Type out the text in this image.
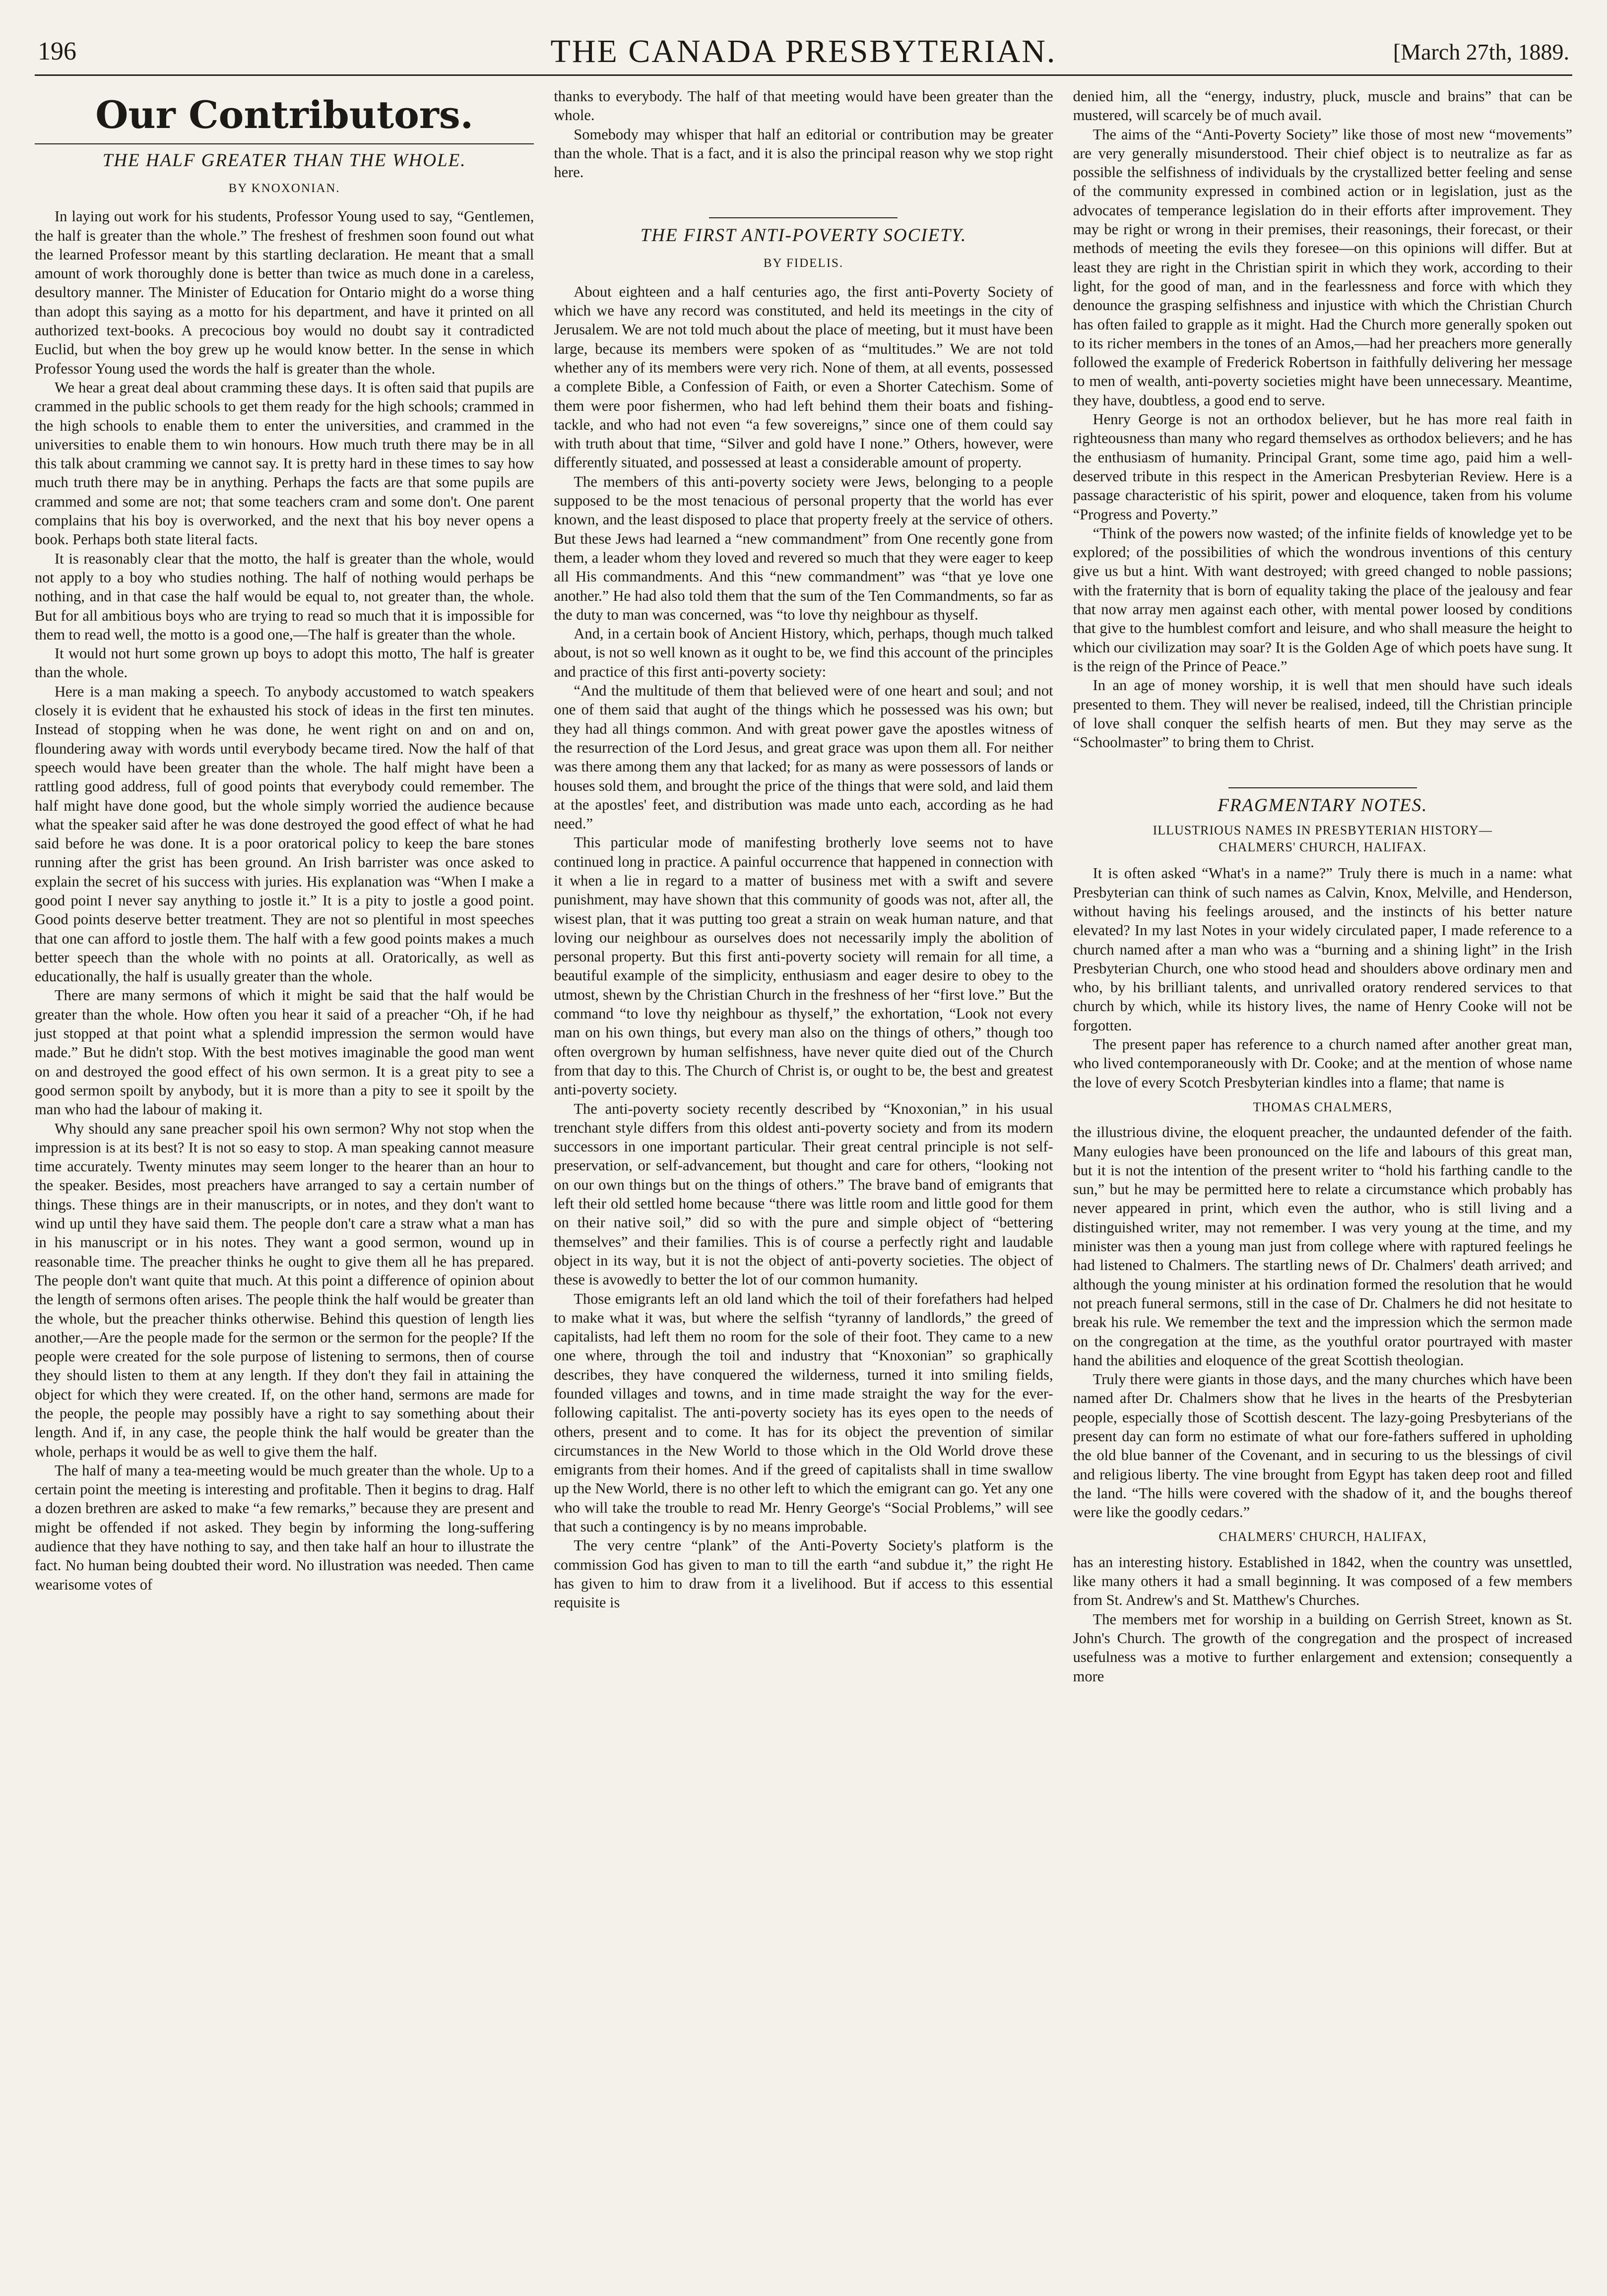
196	THE CANADA PRESBYTERIAN.	[March 27th, 1889.
Our Contributors.
THE HALF GREATER THAN THE WHOLE.
BY KNOXONIAN.

In laying out work for his students, Professor Young used to say, “Gentlemen, the half is greater than the whole.” The freshest of freshmen soon found out what the learned Professor meant by this startling declaration. He meant that a small amount of work thoroughly done is better than twice as much done in a careless, desultory manner. The Minister of Education for Ontario might do a worse thing than adopt this saying as a motto for his department, and have it printed on all authorized text-books. A precocious boy would no doubt say it contradicted Euclid, but when the boy grew up he would know better. In the sense in which Professor Young used the words the half is greater than the whole.

We hear a great deal about cramming these days. It is often said that pupils are crammed in the public schools to get them ready for the high schools; crammed in the high schools to enable them to enter the universities, and crammed in the universities to enable them to win honours. How much truth there may be in all this talk about cramming we cannot say. It is pretty hard in these times to say how much truth there may be in anything. Perhaps the facts are that some pupils are crammed and some are not; that some teachers cram and some don't. One parent complains that his boy is overworked, and the next that his boy never opens a book. Perhaps both state literal facts.

It is reasonably clear that the motto, the half is greater than the whole, would not apply to a boy who studies nothing. The half of nothing would perhaps be nothing, and in that case the half would be equal to, not greater than, the whole. But for all ambitious boys who are trying to read so much that it is impossible for them to read well, the motto is a good one,—The half is greater than the whole.

It would not hurt some grown up boys to adopt this motto, The half is greater than the whole.

Here is a man making a speech. To anybody accustomed to watch speakers closely it is evident that he exhausted his stock of ideas in the first ten minutes. Instead of stopping when he was done, he went right on and on and on, floundering away with words until everybody became tired. Now the half of that speech would have been greater than the whole. The half might have been a rattling good address, full of good points that everybody could remember. The half might have done good, but the whole simply worried the audience because what the speaker said after he was done destroyed the good effect of what he had said before he was done. It is a poor oratorical policy to keep the bare stones running after the grist has been ground. An Irish barrister was once asked to explain the secret of his success with juries. His explanation was “When I make a good point I never say anything to jostle it.” It is a pity to jostle a good point. Good points deserve better treatment. They are not so plentiful in most speeches that one can afford to jostle them. The half with a few good points makes a much better speech than the whole with no points at all. Oratorically, as well as educationally, the half is usually greater than the whole.

There are many sermons of which it might be said that the half would be greater than the whole. How often you hear it said of a preacher “Oh, if he had just stopped at that point what a splendid impression the sermon would have made.” But he didn't stop. With the best motives imaginable the good man went on and destroyed the good effect of his own sermon. It is a great pity to see a good sermon spoilt by anybody, but it is more than a pity to see it spoilt by the man who had the labour of making it.

Why should any sane preacher spoil his own sermon? Why not stop when the impression is at its best? It is not so easy to stop. A man speaking cannot measure time accurately. Twenty minutes may seem longer to the hearer than an hour to the speaker. Besides, most preachers have arranged to say a certain number of things. These things are in their manuscripts, or in notes, and they don't want to wind up until they have said them. The people don't care a straw what a man has in his manuscript or in his notes. They want a good sermon, wound up in reasonable time. The preacher thinks he ought to give them all he has prepared. The people don't want quite that much. At this point a difference of opinion about the length of sermons often arises. The people think the half would be greater than the whole, but the preacher thinks otherwise. Behind this question of length lies another,—Are the people made for the sermon or the sermon for the people? If the people were created for the sole purpose of listening to sermons, then of course they should listen to them at any length. If they don't they fail in attaining the object for which they were created. If, on the other hand, sermons are made for the people, the people may possibly have a right to say something about their length. And if, in any case, the people think the half would be greater than the whole, perhaps it would be as well to give them the half.

The half of many a tea-meeting would be much greater than the whole. Up to a certain point the meeting is interesting and profitable. Then it begins to drag. Half a dozen brethren are asked to make “a few remarks,” because they are present and might be offended if not asked. They begin by informing the long-suffering audience that they have nothing to say, and then take half an hour to illustrate the fact. No human being doubted their word. No illustration was needed. Then came wearisome votes of

thanks to everybody. The half of that meeting would have been greater than the whole.

Somebody may whisper that half an editorial or contribution may be greater than the whole. That is a fact, and it is also the principal reason why we stop right here.

THE FIRST ANTI-POVERTY SOCIETY.
BY FIDELIS.

About eighteen and a half centuries ago, the first anti-Poverty Society of which we have any record was constituted, and held its meetings in the city of Jerusalem. We are not told much about the place of meeting, but it must have been large, because its members were spoken of as “multitudes.” We are not told whether any of its members were very rich. None of them, at all events, possessed a complete Bible, a Confession of Faith, or even a Shorter Catechism. Some of them were poor fishermen, who had left behind them their boats and fishing-tackle, and who had not even “a few sovereigns,” since one of them could say with truth about that time, “Silver and gold have I none.” Others, however, were differently situated, and possessed at least a considerable amount of property.

The members of this anti-poverty society were Jews, belonging to a people supposed to be the most tenacious of personal property that the world has ever known, and the least disposed to place that property freely at the service of others. But these Jews had learned a “new commandment” from One recently gone from them, a leader whom they loved and revered so much that they were eager to keep all His commandments. And this “new commandment” was “that ye love one another.” He had also told them that the sum of the Ten Commandments, so far as the duty to man was concerned, was “to love thy neighbour as thyself.

And, in a certain book of Ancient History, which, perhaps, though much talked about, is not so well known as it ought to be, we find this account of the principles and practice of this first anti-poverty society:

“And the multitude of them that believed were of one heart and soul; and not one of them said that aught of the things which he possessed was his own; but they had all things common. And with great power gave the apostles witness of the resurrection of the Lord Jesus, and great grace was upon them all. For neither was there among them any that lacked; for as many as were possessors of lands or houses sold them, and brought the price of the things that were sold, and laid them at the apostles' feet, and distribution was made unto each, according as he had need.”

This particular mode of manifesting brotherly love seems not to have continued long in practice. A painful occurrence that happened in connection with it when a lie in regard to a matter of business met with a swift and severe punishment, may have shown that this community of goods was not, after all, the wisest plan, that it was putting too great a strain on weak human nature, and that loving our neighbour as ourselves does not necessarily imply the abolition of personal property. But this first anti-poverty society will remain for all time, a beautiful example of the simplicity, enthusiasm and eager desire to obey to the utmost, shewn by the Christian Church in the freshness of her “first love.” But the command “to love thy neighbour as thyself,” the exhortation, “Look not every man on his own things, but every man also on the things of others,” though too often overgrown by human selfishness, have never quite died out of the Church from that day to this. The Church of Christ is, or ought to be, the best and greatest anti-poverty society.

The anti-poverty society recently described by “Knoxonian,” in his usual trenchant style differs from this oldest anti-poverty society and from its modern successors in one important particular. Their great central principle is not self-preservation, or self-advancement, but thought and care for others, “looking not on our own things but on the things of others.” The brave band of emigrants that left their old settled home because “there was little room and little good for them on their native soil,” did so with the pure and simple object of “bettering themselves” and their families. This is of course a perfectly right and laudable object in its way, but it is not the object of anti-poverty societies. The object of these is avowedly to better the lot of our common humanity.

Those emigrants left an old land which the toil of their forefathers had helped to make what it was, but where the selfish “tyranny of landlords,” the greed of capitalists, had left them no room for the sole of their foot. They came to a new one where, through the toil and industry that “Knoxonian” so graphically describes, they have conquered the wilderness, turned it into smiling fields, founded villages and towns, and in time made straight the way for the ever-following capitalist. The anti-poverty society has its eyes open to the needs of others, present and to come. It has for its object the prevention of similar circumstances in the New World to those which in the Old World drove these emigrants from their homes. And if the greed of capitalists shall in time swallow up the New World, there is no other left to which the emigrant can go. Yet any one who will take the trouble to read Mr. Henry George's “Social Problems,” will see that such a contingency is by no means improbable.

The very centre “plank” of the Anti-Poverty Society's platform is the commission God has given to man to till the earth “and subdue it,” the right He has given to him to draw from it a livelihood. But if access to this essential requisite is

denied him, all the “energy, industry, pluck, muscle and brains” that can be mustered, will scarcely be of much avail.

The aims of the “Anti-Poverty Society” like those of most new “movements” are very generally misunderstood. Their chief object is to neutralize as far as possible the selfishness of individuals by the crystallized better feeling and sense of the community expressed in combined action or in legislation, just as the advocates of temperance legislation do in their efforts after improvement. They may be right or wrong in their premises, their reasonings, their forecast, or their methods of meeting the evils they foresee—on this opinions will differ. But at least they are right in the Christian spirit in which they work, according to their light, for the good of man, and in the fearlessness and force with which they denounce the grasping selfishness and injustice with which the Christian Church has often failed to grapple as it might. Had the Church more generally spoken out to its richer members in the tones of an Amos,—had her preachers more generally followed the example of Frederick Robertson in faithfully delivering her message to men of wealth, anti-poverty societies might have been unnecessary. Meantime, they have, doubtless, a good end to serve.

Henry George is not an orthodox believer, but he has more real faith in righteousness than many who regard themselves as orthodox believers; and he has the enthusiasm of humanity. Principal Grant, some time ago, paid him a well-deserved tribute in this respect in the American Presbyterian Review. Here is a passage characteristic of his spirit, power and eloquence, taken from his volume “Progress and Poverty.”

“Think of the powers now wasted; of the infinite fields of knowledge yet to be explored; of the possibilities of which the wondrous inventions of this century give us but a hint. With want destroyed; with greed changed to noble passions; with the fraternity that is born of equality taking the place of the jealousy and fear that now array men against each other, with mental power loosed by conditions that give to the humblest comfort and leisure, and who shall measure the height to which our civilization may soar? It is the Golden Age of which poets have sung. It is the reign of the Prince of Peace.”

In an age of money worship, it is well that men should have such ideals presented to them. They will never be realised, indeed, till the Christian principle of love shall conquer the selfish hearts of men. But they may serve as the “Schoolmaster” to bring them to Christ.

FRAGMENTARY NOTES.
ILLUSTRIOUS NAMES IN PRESBYTERIAN HISTORY—
CHALMERS' CHURCH, HALIFAX.

It is often asked “What's in a name?” Truly there is much in a name: what Presbyterian can think of such names as Calvin, Knox, Melville, and Henderson, without having his feelings aroused, and the instincts of his better nature elevated? In my last Notes in your widely circulated paper, I made reference to a church named after a man who was a “burning and a shining light” in the Irish Presbyterian Church, one who stood head and shoulders above ordinary men and who, by his brilliant talents, and unrivalled oratory rendered services to that church by which, while its history lives, the name of Henry Cooke will not be forgotten.

The present paper has reference to a church named after another great man, who lived contemporaneously with Dr. Cooke; and at the mention of whose name the love of every Scotch Presbyterian kindles into a flame; that name is

THOMAS CHALMERS,

the illustrious divine, the eloquent preacher, the undaunted defender of the faith. Many eulogies have been pronounced on the life and labours of this great man, but it is not the intention of the present writer to “hold his farthing candle to the sun,” but he may be permitted here to relate a circumstance which probably has never appeared in print, which even the author, who is still living and a distinguished writer, may not remember. I was very young at the time, and my minister was then a young man just from college where with raptured feelings he had listened to Chalmers. The startling news of Dr. Chalmers' death arrived; and although the young minister at his ordination formed the resolution that he would not preach funeral sermons, still in the case of Dr. Chalmers he did not hesitate to break his rule. We remember the text and the impression which the sermon made on the congregation at the time, as the youthful orator pourtrayed with master hand the abilities and eloquence of the great Scottish theologian.

Truly there were giants in those days, and the many churches which have been named after Dr. Chalmers show that he lives in the hearts of the Presbyterian people, especially those of Scottish descent. The lazy-going Presbyterians of the present day can form no estimate of what our fore-fathers suffered in upholding the old blue banner of the Covenant, and in securing to us the blessings of civil and religious liberty. The vine brought from Egypt has taken deep root and filled the land. “The hills were covered with the shadow of it, and the boughs thereof were like the goodly cedars.”

CHALMERS' CHURCH, HALIFAX,

has an interesting history. Established in 1842, when the country was unsettled, like many others it had a small beginning. It was composed of a few members from St. Andrew's and St. Matthew's Churches.

The members met for worship in a building on Gerrish Street, known as St. John's Church. The growth of the congregation and the prospect of increased usefulness was a motive to further enlargement and extension; consequently a more
